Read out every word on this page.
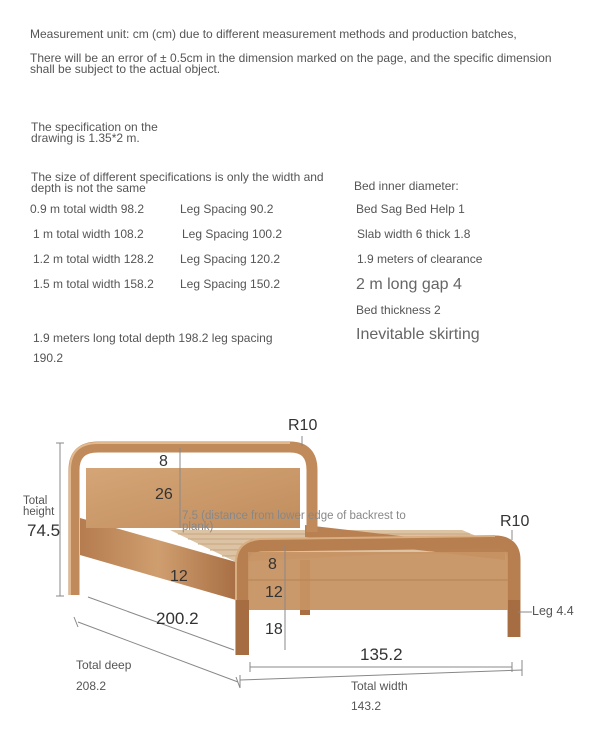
Measurement unit: cm (cm) due to different measurement methods and production batches,
There will be an error of ± 0.5cm in the dimension marked on the page, and the specific dimension shall be subject to the actual object.
The specification on the drawing is 1.35*2 m.
The size of different specifications is only the width and depth is not the same
0.9 m total width 98.2	Leg Spacing 90.2
1 m total width 108.2	Leg Spacing 100.2
1.2 m total width 128.2 Leg Spacing 120.2
1.5 m total width 158.2 Leg Spacing 150.2
1.9 meters long total depth 198.2 leg spacing 190.2
Bed inner diameter:
Bed Sag Bed Help 1
Slab width 6 thick 1.8
1.9 meters of clearance
2 m long gap 4
Bed thickness 2
Inevitable skirting
R10
R10
8
26
Total height
74.5
7.5 (distance from lower edge of backrest to plank)
12
8
12
18
200.2
135.2
Leg 4.4
Total deep
208.2	Total width
143.2
